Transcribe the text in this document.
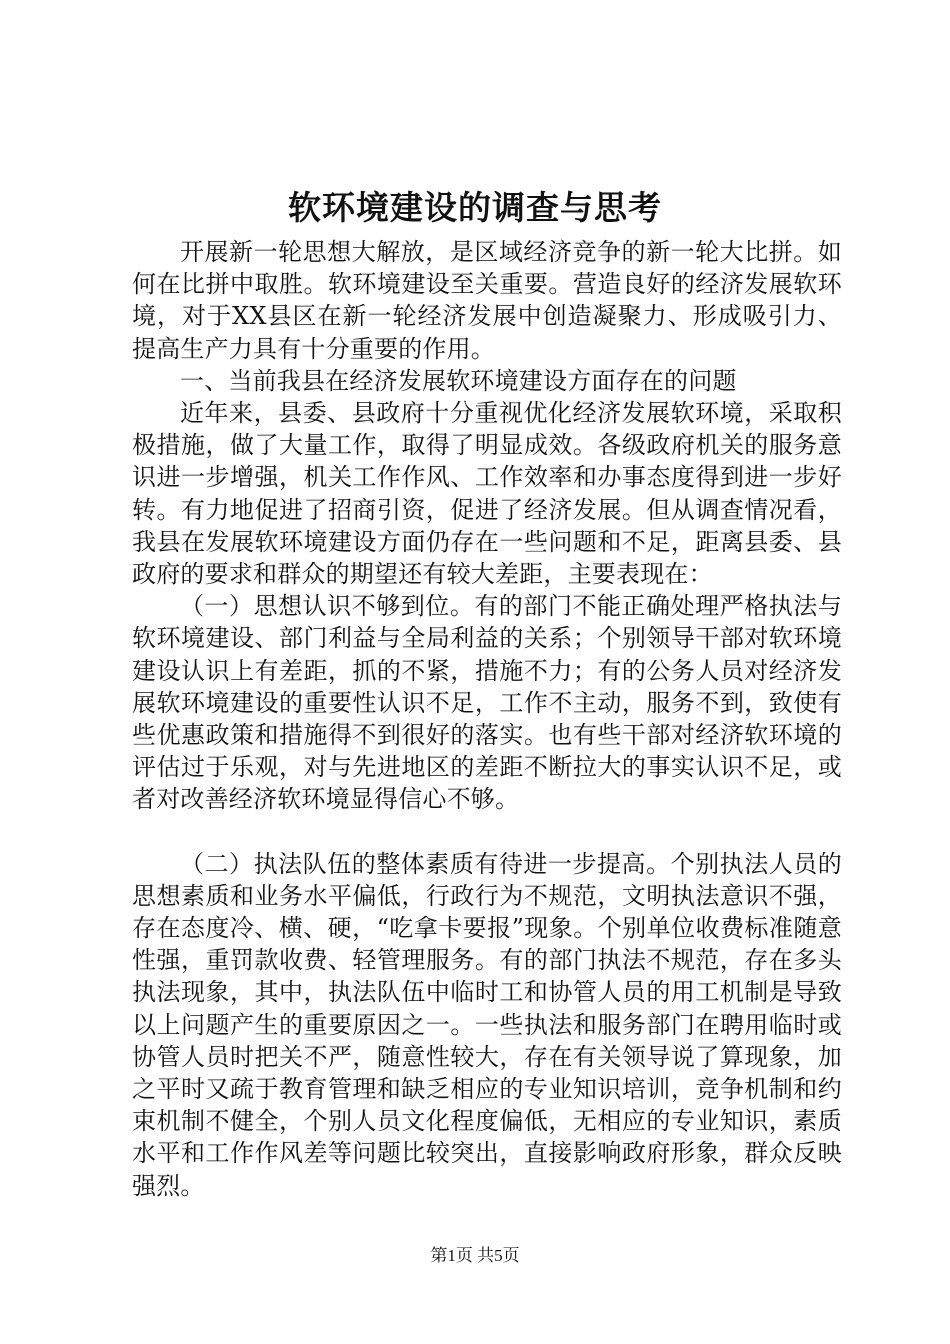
软环境建设的调查与思考

开展新一轮思想大解放，是区域经济竞争的新一轮大比拼。如何在比拼中取胜。软环境建设至关重要。营造良好的经济发展软环境，对于XX县区在新一轮经济发展中创造凝聚力、形成吸引力、提高生产力具有十分重要的作用。

一、当前我县在经济发展软环境建设方面存在的问题

近年来，县委、县政府十分重视优化经济发展软环境，采取积极措施，做了大量工作，取得了明显成效。各级政府机关的服务意识进一步增强，机关工作作风、工作效率和办事态度得到进一步好转。有力地促进了招商引资，促进了经济发展。但从调查情况看，我县在发展软环境建设方面仍存在一些问题和不足，距离县委、县政府的要求和群众的期望还有较大差距，主要表现在：

（一）思想认识不够到位。有的部门不能正确处理严格执法与软环境建设、部门利益与全局利益的关系；个别领导干部对软环境建设认识上有差距，抓的不紧，措施不力；有的公务人员对经济发展软环境建设的重要性认识不足，工作不主动，服务不到，致使有些优惠政策和措施得不到很好的落实。也有些干部对经济软环境的评估过于乐观，对与先进地区的差距不断拉大的事实认识不足，或者对改善经济软环境显得信心不够。

（二）执法队伍的整体素质有待进一步提高。个别执法人员的思想素质和业务水平偏低，行政行为不规范，文明执法意识不强，存在态度冷、横、硬，“吃拿卡要报”现象。个别单位收费标准随意性强，重罚款收费、轻管理服务。有的部门执法不规范，存在多头执法现象，其中，执法队伍中临时工和协管人员的用工机制是导致以上问题产生的重要原因之一。一些执法和服务部门在聘用临时或协管人员时把关不严，随意性较大，存在有关领导说了算现象，加之平时又疏于教育管理和缺乏相应的专业知识培训，竞争机制和约束机制不健全，个别人员文化程度偏低，无相应的专业知识，素质水平和工作作风差等问题比较突出，直接影响政府形象，群众反映强烈。

第1页 共5页
